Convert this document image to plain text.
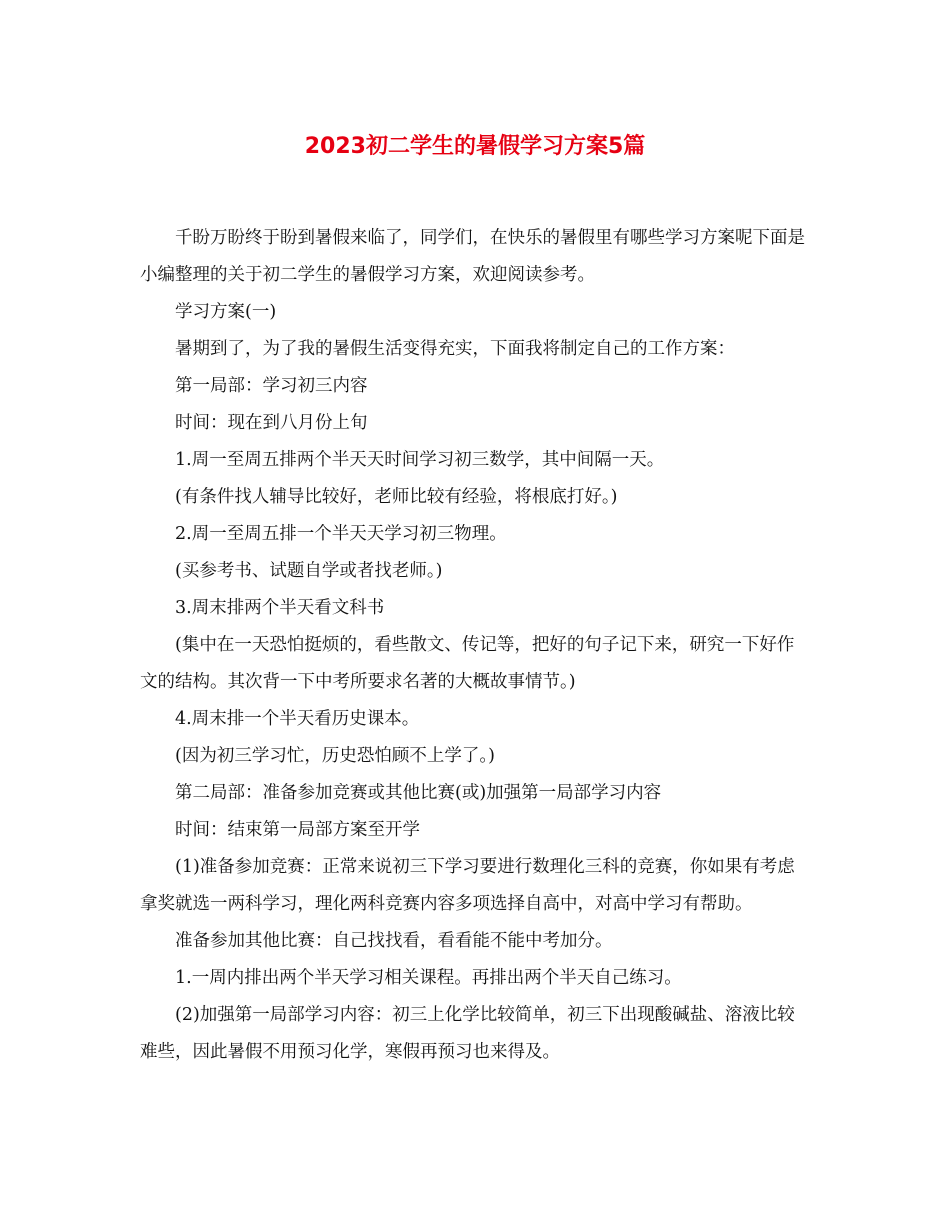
2023初二学生的暑假学习方案5篇

千盼万盼终于盼到暑假来临了，同学们，在快乐的暑假里有哪些学习方案呢下面是小编整理的关于初二学生的暑假学习方案，欢迎阅读参考。

学习方案(一)

暑期到了，为了我的暑假生活变得充实，下面我将制定自己的工作方案：

第一局部：学习初三内容

时间：现在到八月份上旬

1.周一至周五排两个半天天时间学习初三数学，其中间隔一天。

(有条件找人辅导比较好，老师比较有经验，将根底打好。)

2.周一至周五排一个半天天学习初三物理。

(买参考书、试题自学或者找老师。)

3.周末排两个半天看文科书

(集中在一天恐怕挺烦的，看些散文、传记等，把好的句子记下来，研究一下好作文的结构。其次背一下中考所要求名著的大概故事情节。)

4.周末排一个半天看历史课本。

(因为初三学习忙，历史恐怕顾不上学了。)

第二局部：准备参加竞赛或其他比赛(或)加强第一局部学习内容

时间：结束第一局部方案至开学

(1)准备参加竞赛：正常来说初三下学习要进行数理化三科的竞赛，你如果有考虑拿奖就选一两科学习，理化两科竞赛内容多项选择自高中，对高中学习有帮助。

准备参加其他比赛：自己找找看，看看能不能中考加分。

1.一周内排出两个半天学习相关课程。再排出两个半天自己练习。

(2)加强第一局部学习内容：初三上化学比较简单，初三下出现酸碱盐、溶液比较难些，因此暑假不用预习化学，寒假再预习也来得及。
